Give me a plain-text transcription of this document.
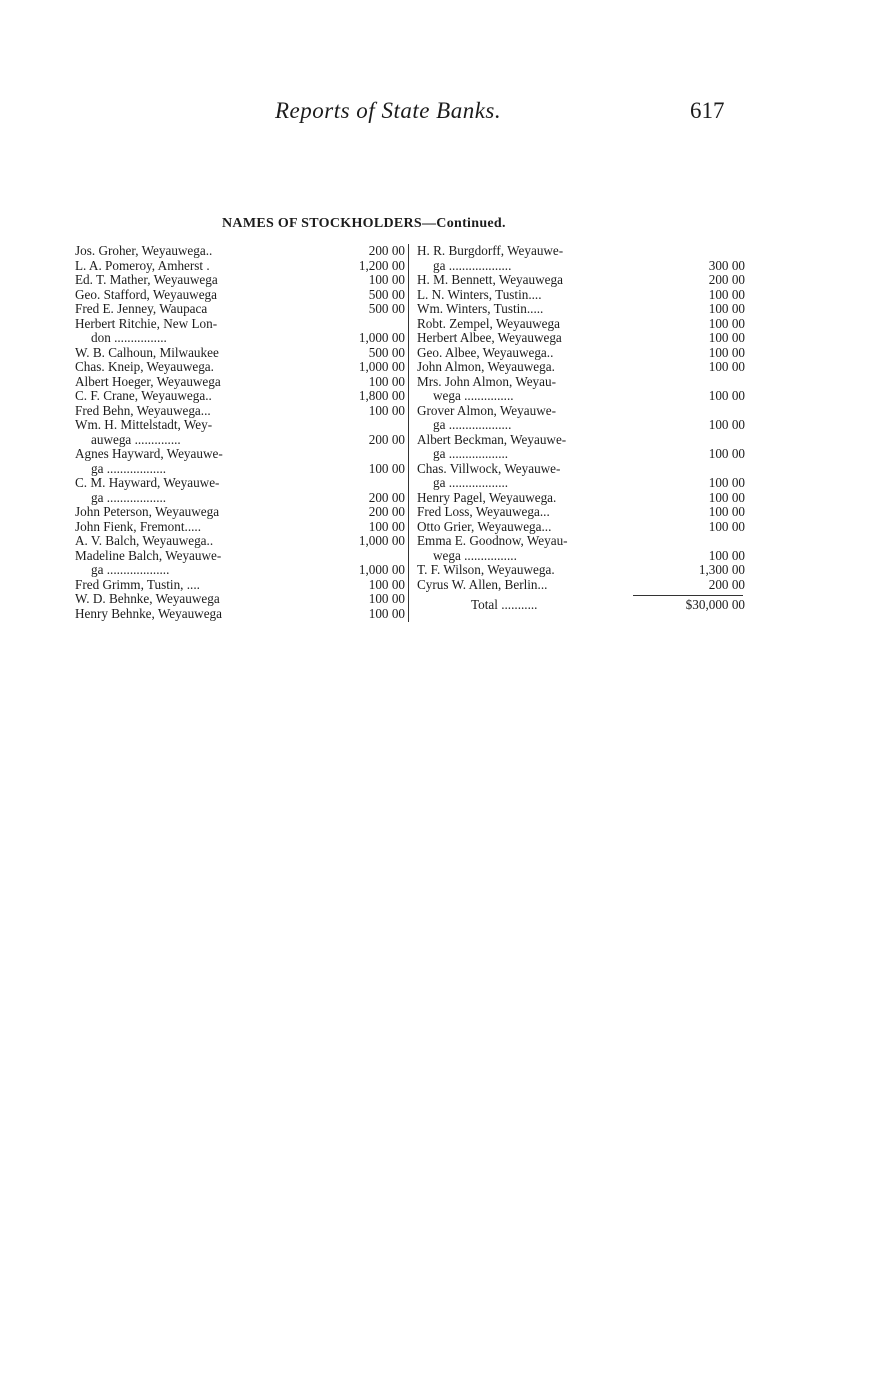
Reports of State Banks.	617
NAMES OF STOCKHOLDERS—Continued.
Jos. Groher, Weyauwega..	200 00
L. A. Pomeroy, Amherst .	1,200 00
Ed. T. Mather, Weyauwega	100 00
Geo. Stafford, Weyauwega	500 00
Fred E. Jenney, Waupaca	500 00
Herbert Ritchie, New Lon-
don ................	1,000 00
W. B. Calhoun, Milwaukee	500 00
Chas. Kneip, Weyauwega.	1,000 00
Albert Hoeger, Weyauwega	100 00
C. F. Crane, Weyauwega..	1,800 00
Fred Behn, Weyauwega...	100 00
Wm. H. Mittelstadt, Wey-
auwega ..............	200 00
Agnes Hayward, Weyauwe-
ga ..................	100 00
C. M. Hayward, Weyauwe-
ga ..................	200 00
John Peterson, Weyauwega	200 00
John Fienk, Fremont.....	100 00
A. V. Balch, Weyauwega..	1,000 00
Madeline Balch, Weyauwe-
ga ...................	1,000 00
Fred Grimm, Tustin, ....	100 00
W. D. Behnke, Weyauwega	100 00
Henry Behnke, Weyauwega	100 00
H. R. Burgdorff, Weyauwe-
ga ...................	300 00
H. M. Bennett, Weyauwega	200 00
L. N. Winters, Tustin....	100 00
Wm. Winters, Tustin.....	100 00
Robt. Zempel, Weyauwega	100 00
Herbert Albee, Weyauwega	100 00
Geo. Albee, Weyauwega..	100 00
John Almon, Weyauwega.	100 00
Mrs. John Almon, Weyau-
wega ...............	100 00
Grover Almon, Weyauwe-
ga ...................	100 00
Albert Beckman, Weyauwe-
ga ..................	100 00
Chas. Villwock, Weyauwe-
ga ..................	100 00
Henry Pagel, Weyauwega.	100 00
Fred Loss, Weyauwega...	100 00
Otto Grier, Weyauwega...	100 00
Emma E. Goodnow, Weyau-
wega ................	100 00
T. F. Wilson, Weyauwega.	1,300 00
Cyrus W. Allen, Berlin...	200 00
Total ...........	$30,000 00
